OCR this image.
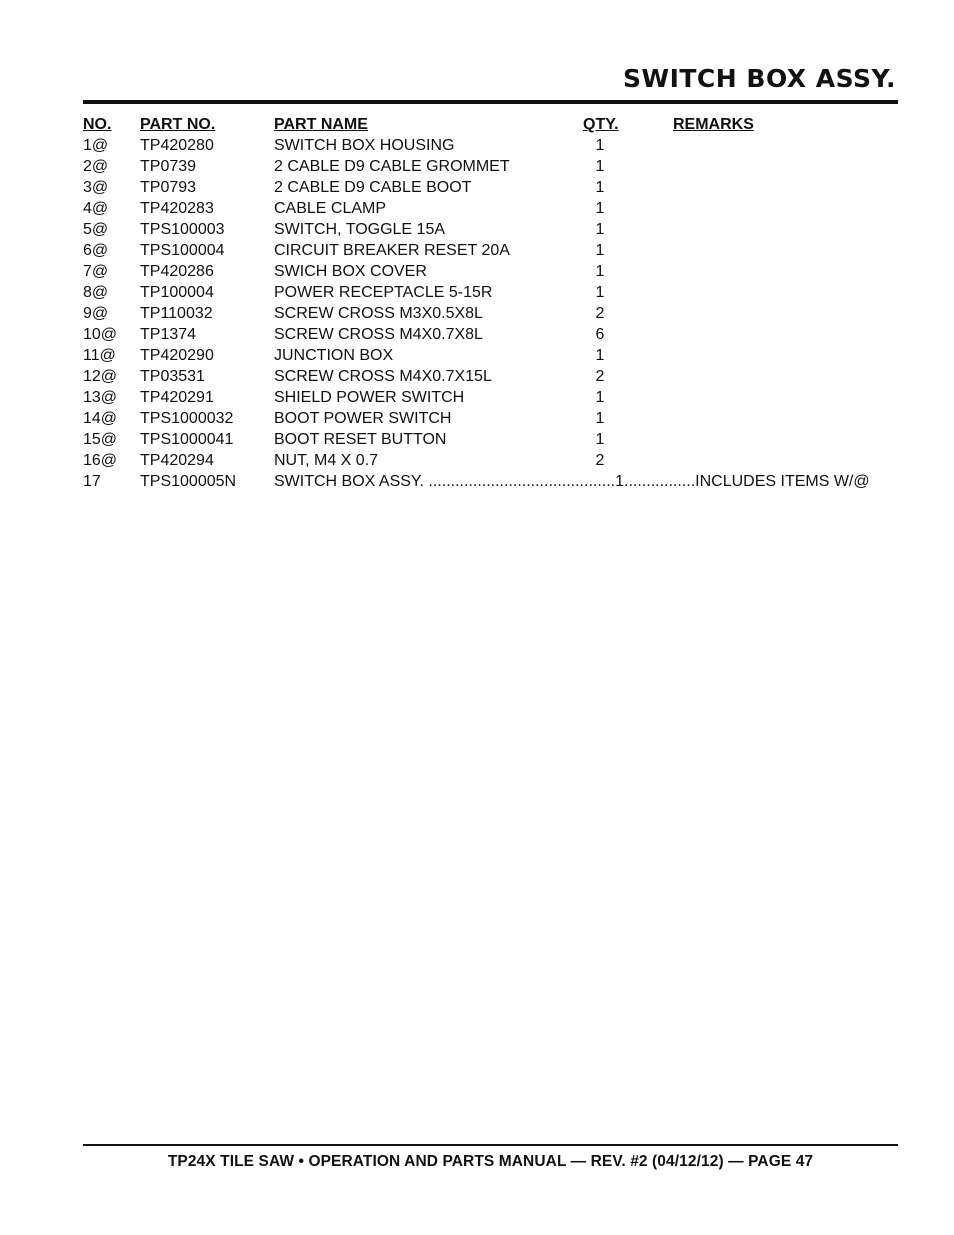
SWITCH BOX ASSY.
NO. PART NO.	PART NAME	QTY.	REMARKS
1@ TP420280	SWITCH BOX HOUSING	1
2@ TP0739	2 CABLE D9 CABLE GROMMET	1
3@ TP0793	2 CABLE D9 CABLE BOOT	1
4@ TP420283	CABLE CLAMP	1
5@ TPS100003	SWITCH, TOGGLE 15A	1
6@ TPS100004	CIRCUIT BREAKER RESET 20A	1
7@ TP420286	SWICH BOX COVER	1
8@ TP100004	POWER RECEPTACLE 5-15R	1
9@ TP110032	SCREW CROSS M3X0.5X8L	2
10@ TP1374	SCREW CROSS M4X0.7X8L	6
11@ TP420290	JUNCTION BOX	1
12@ TP03531	SCREW CROSS M4X0.7X15L	2
13@ TP420291	SHIELD POWER SWITCH	1
14@ TPS1000032	BOOT POWER SWITCH	1
15@ TPS1000041	BOOT RESET BUTTON	1
16@ TP420294	NUT, M4 X 0.7	2
17 TPS100005N SWITCH BOX ASSY. ..........................................1................INCLUDES ITEMS W/@
TP24X TILE SAW • OPERATION AND PARTS MANUAL — REV. #2 (04/12/12) — PAGE 47
